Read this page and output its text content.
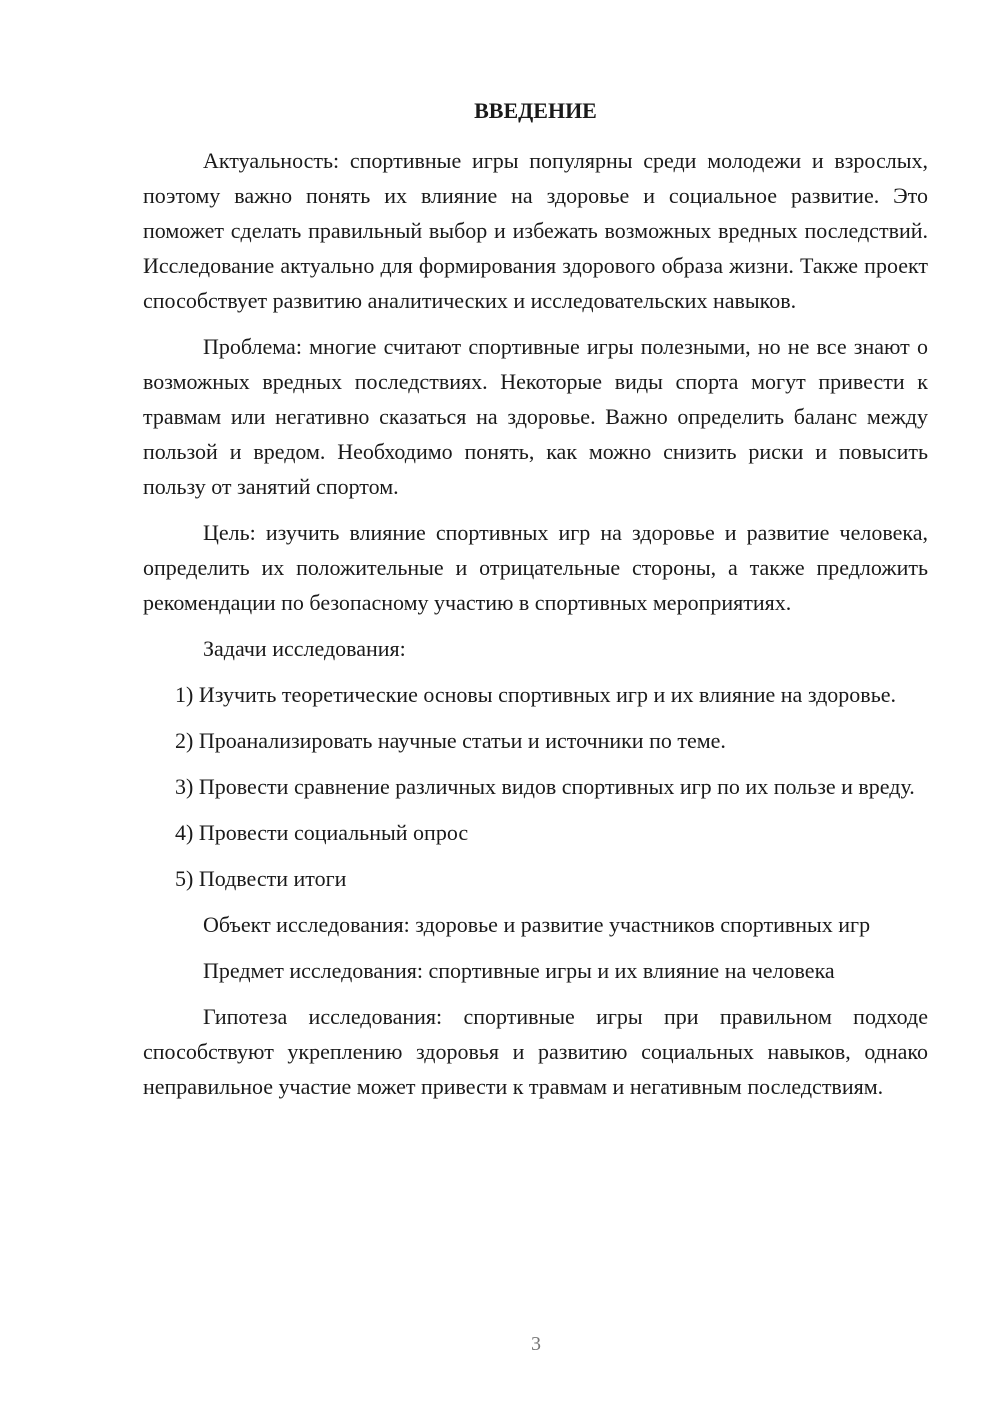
ВВЕДЕНИЕ

Актуальность: спортивные игры популярны среди молодежи и взрослых, поэтому важно понять их влияние на здоровье и социальное развитие. Это поможет сделать правильный выбор и избежать возможных вредных последствий. Исследование актуально для формирования здорового образа жизни. Также проект способствует развитию аналитических и исследовательских навыков.

Проблема: многие считают спортивные игры полезными, но не все знают о возможных вредных последствиях. Некоторые виды спорта могут привести к травмам или негативно сказаться на здоровье. Важно определить баланс между пользой и вредом. Необходимо понять, как можно снизить риски и повысить пользу от занятий спортом.

Цель: изучить влияние спортивных игр на здоровье и развитие человека, определить их положительные и отрицательные стороны, а также предложить рекомендации по безопасному участию в спортивных мероприятиях.

Задачи исследования:

1) Изучить теоретические основы спортивных игр и их влияние на здоровье.

2) Проанализировать научные статьи и источники по теме.

3) Провести сравнение различных видов спортивных игр по их пользе и вреду.

4) Провести социальный опрос

5) Подвести итоги

Объект исследования: здоровье и развитие участников спортивных игр

Предмет исследования: спортивные игры и их влияние на человека

Гипотеза исследования: спортивные игры при правильном подходе способствуют укреплению здоровья и развитию социальных навыков, однако неправильное участие может привести к травмам и негативным последствиям.

3
